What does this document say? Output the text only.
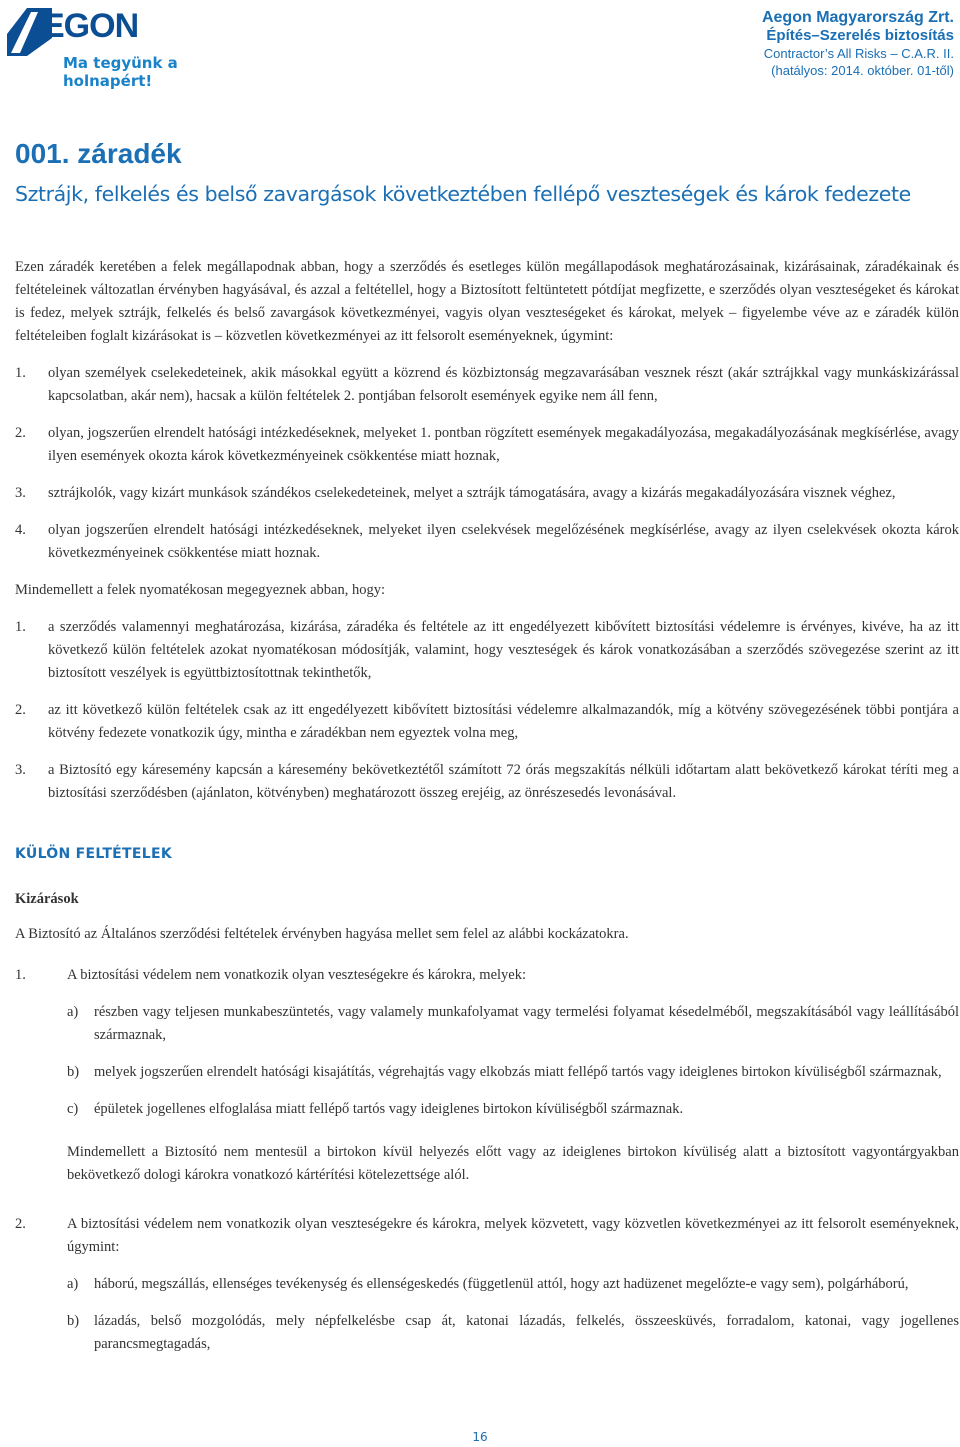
EGON
Ma tegyünk a holnapért!
Aegon Magyarország Zrt.
Építés–Szerelés biztosítás
Contractor’s All Risks – C.A.R. II.
(hatályos: 2014. október. 01-től)
001. záradék
Sztrájk, felkelés és belső zavargások következtében fellépő veszteségek és károk fedezete

Ezen záradék keretében a felek megállapodnak abban, hogy a szerződés és esetleges külön megállapodások meghatározásainak, kizárásainak, záradékainak és feltételeinek változatlan érvényben hagyásával, és azzal a feltétellel, hogy a Biztosított feltüntetett pótdíjat megfizette, e szerződés olyan veszteségeket és károkat is fedez, melyek sztrájk, felkelés és belső zavargások következményei, vagyis olyan veszteségeket és károkat, melyek – figyelembe véve az e záradék külön feltételeiben foglalt kizárásokat is – közvetlen következményei az itt felsorolt eseményeknek, úgymint:

1.	olyan személyek cselekedeteinek, akik másokkal együtt a közrend és közbiztonság megzavarásában vesznek részt (akár sztrájkkal vagy munkáskizárással kapcsolatban, akár nem), hacsak a külön feltételek 2. pontjában felsorolt események egyike nem áll fenn,
2.	olyan, jogszerűen elrendelt hatósági intézkedéseknek, melyeket 1. pontban rögzített események megakadályozása, megakadályozásának megkísérlése, avagy ilyen események okozta károk következményeinek csökkentése miatt hoznak,
3.	sztrájkolók, vagy kizárt munkások szándékos cselekedeteinek, melyet a sztrájk támogatására, avagy a kizárás megakadályozására visznek véghez,
4.	olyan jogszerűen elrendelt hatósági intézkedéseknek, melyeket ilyen cselekvések megelőzésének megkísérlése, avagy az ilyen cselekvések okozta károk következményeinek csökkentése miatt hoznak.

Mindemellett a felek nyomatékosan megegyeznek abban, hogy:

1.	a szerződés valamennyi meghatározása, kizárása, záradéka és feltétele az itt engedélyezett kibővített biztosítási védelemre is érvényes, kivéve, ha az itt következő külön feltételek azokat nyomatékosan módosítják, valamint, hogy veszteségek és károk vonatkozásában a szerződés szövegezése szerint az itt biztosított veszélyek is együttbiztosítottnak tekinthetők,
2.	az itt következő külön feltételek csak az itt engedélyezett kibővített biztosítási védelemre alkalmazandók, míg a kötvény szövegezésének többi pontjára a kötvény fedezete vonatkozik úgy, mintha e záradékban nem egyeztek volna meg,
3.	a Biztosító egy káresemény kapcsán a káresemény bekövetkeztétől számított 72 órás megszakítás nélküli időtartam alatt bekövetkező károkat téríti meg a biztosítási szerződésben (ajánlaton, kötvényben) meghatározott összeg erejéig, az önrészesedés levonásával.

KÜLÖN FELTÉTELEK

Kizárások

A Biztosító az Általános szerződési feltételek érvényben hagyása mellet sem felel az alábbi kockázatokra.

1.	A biztosítási védelem nem vonatkozik olyan veszteségekre és károkra, melyek:
a)	részben vagy teljesen munkabeszüntetés, vagy valamely munkafolyamat vagy termelési folyamat késedelméből, megszakításából vagy leállításából származnak,
b)	melyek jogszerűen elrendelt hatósági kisajátítás, végrehajtás vagy elkobzás miatt fellépő tartós vagy ideiglenes birtokon kívüliségből származnak,
c)	épületek jogellenes elfoglalása miatt fellépő tartós vagy ideiglenes birtokon kívüliségből származnak.

Mindemellett a Biztosító nem mentesül a birtokon kívül helyezés előtt vagy az ideiglenes birtokon kívüliség alatt a biztosított vagyontárgyakban bekövetkező dologi károkra vonatkozó kártérítési kötelezettsége alól.

2.	A biztosítási védelem nem vonatkozik olyan veszteségekre és károkra, melyek közvetett, vagy közvetlen következményei az itt felsorolt eseményeknek, úgymint:
a)	háború, megszállás, ellenséges tevékenység és ellenségeskedés (függetlenül attól, hogy azt hadüzenet megelőzte-e vagy sem), polgárháború,
b)	lázadás, belső mozgolódás, mely népfelkelésbe csap át, katonai lázadás, felkelés, összeesküvés, forradalom, katonai, vagy jogellenes parancsmegtagadás,
16
